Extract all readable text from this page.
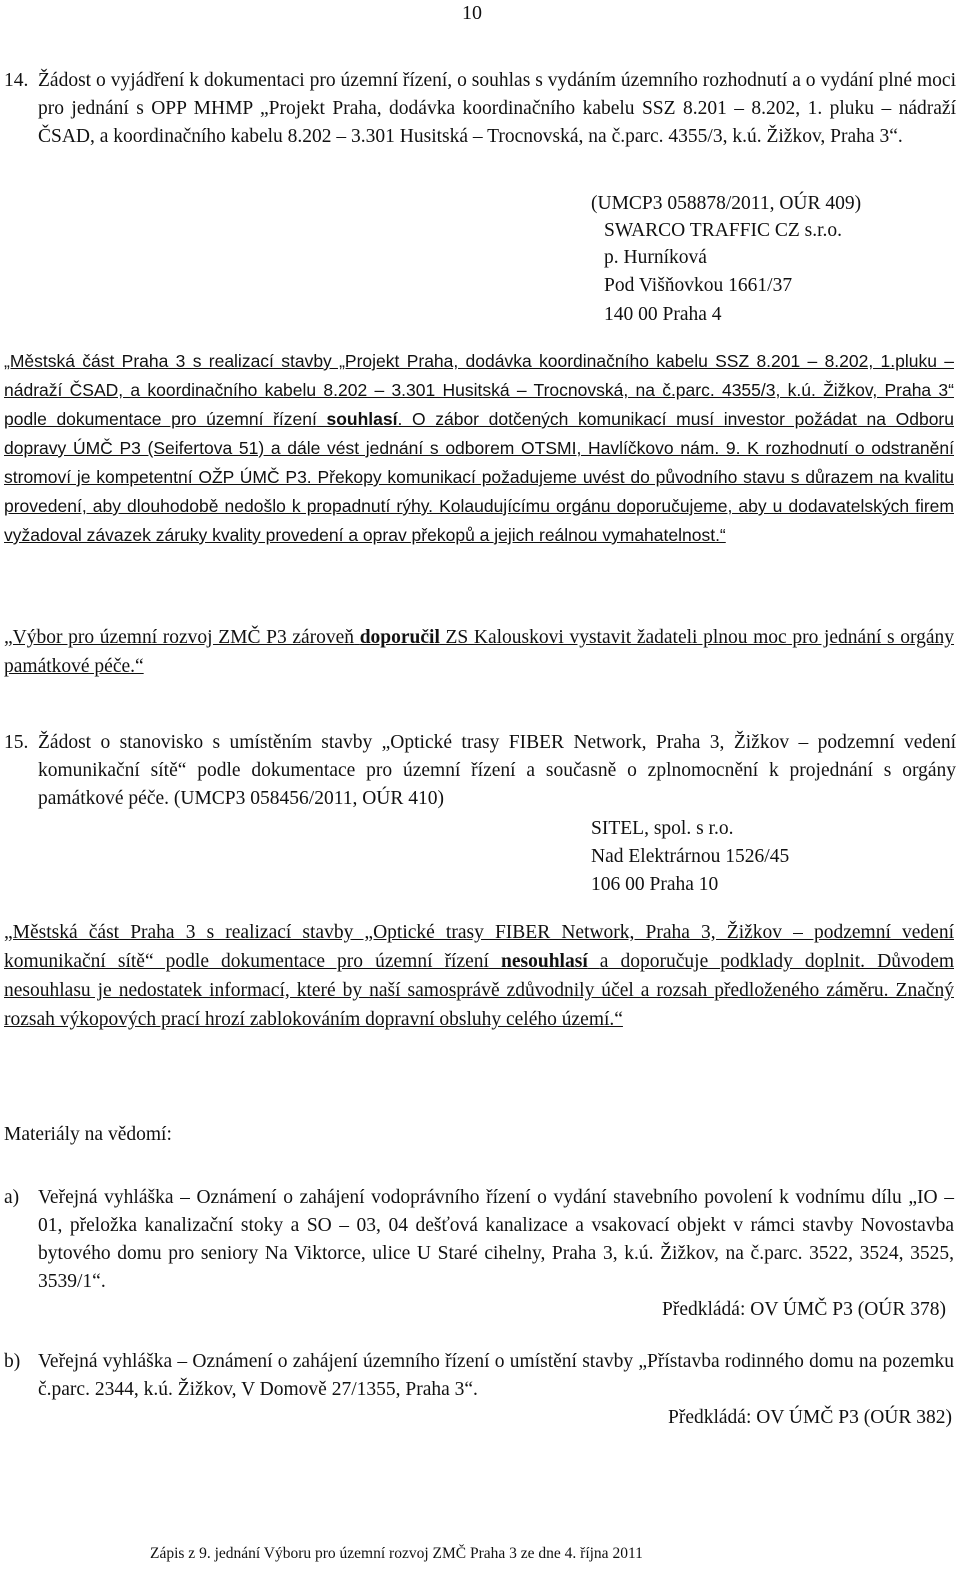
10
14. Žádost o vyjádření k dokumentaci pro územní řízení, o souhlas s vydáním územního rozhodnutí a o vydání plné moci pro jednání s OPP MHMP „Projekt Praha, dodávka koordinačního kabelu SSZ 8.201 – 8.202, 1. pluku – nádraží ČSAD, a koordinačního kabelu 8.202 – 3.301 Husitská – Trocnovská, na č.parc. 4355/3, k.ú. Žižkov, Praha 3“.
(UMCP3 058878/2011, OÚR 409)
SWARCO TRAFFIC CZ s.r.o.
p. Hurníková
Pod Višňovkou 1661/37
140 00 Praha 4
„Městská část Praha 3 s realizací stavby „Projekt Praha, dodávka koordinačního kabelu SSZ 8.201 – 8.202, 1.pluku – nádraží ČSAD, a koordinačního kabelu 8.202 – 3.301 Husitská – Trocnovská, na č.parc. 4355/3, k.ú. Žižkov, Praha 3“ podle dokumentace pro územní řízení souhlasí. O zábor dotčených komunikací musí investor požádat na Odboru dopravy ÚMČ P3 (Seifertova 51) a dále vést jednání s odborem OTSMI, Havlíčkovo nám. 9. K rozhodnutí o odstranění stromoví je kompetentní OŽP ÚMČ P3. Překopy komunikací požadujeme uvést do původního stavu s důrazem na kvalitu provedení, aby dlouhodobě nedošlo k propadnutí rýhy. Kolaudujícímu orgánu doporučujeme, aby u dodavatelských firem vyžadoval závazek záruky kvality provedení a oprav překopů a jejich reálnou vymahatelnost.“
„Výbor pro územní rozvoj ZMČ P3 zároveň doporučil ZS Kalouskovi vystavit žadateli plnou moc pro jednání s orgány památkové péče.“
15. Žádost o stanovisko s umístěním stavby „Optické trasy FIBER Network, Praha 3, Žižkov – podzemní vedení komunikační sítě“ podle dokumentace pro územní řízení a současně o zplnomocnění k projednání s orgány památkové péče. (UMCP3 058456/2011, OÚR 410)
SITEL, spol. s r.o.
Nad Elektrárnou 1526/45
106 00 Praha 10
„Městská část Praha 3 s realizací stavby „Optické trasy FIBER Network, Praha 3, Žižkov – podzemní vedení komunikační sítě“ podle dokumentace pro územní řízení nesouhlasí a doporučuje podklady doplnit. Důvodem nesouhlasu je nedostatek informací, které by naší samosprávě zdůvodnily účel a rozsah předloženého záměru. Značný rozsah výkopových prací hrozí zablokováním dopravní obsluhy celého území.“
Materiály na vědomí:
a) Veřejná vyhláška – Oznámení o zahájení vodoprávního řízení o vydání stavebního povolení k vodnímu dílu „IO – 01, přeložka kanalizační stoky a SO – 03, 04 dešťová kanalizace a vsakovací objekt v rámci stavby Novostavba bytového domu pro seniory Na Viktorce, ulice U Staré cihelny, Praha 3, k.ú. Žižkov, na č.parc. 3522, 3524, 3525, 3539/1“.
Předkládá: OV ÚMČ P3 (OÚR 378)
b) Veřejná vyhláška – Oznámení o zahájení územního řízení o umístění stavby „Přístavba rodinného domu na pozemku č.parc. 2344, k.ú. Žižkov, V Domově 27/1355, Praha 3“.
Předkládá: OV ÚMČ P3 (OÚR 382)
Zápis z 9. jednání Výboru pro územní rozvoj ZMČ Praha 3 ze dne 4. října 2011
